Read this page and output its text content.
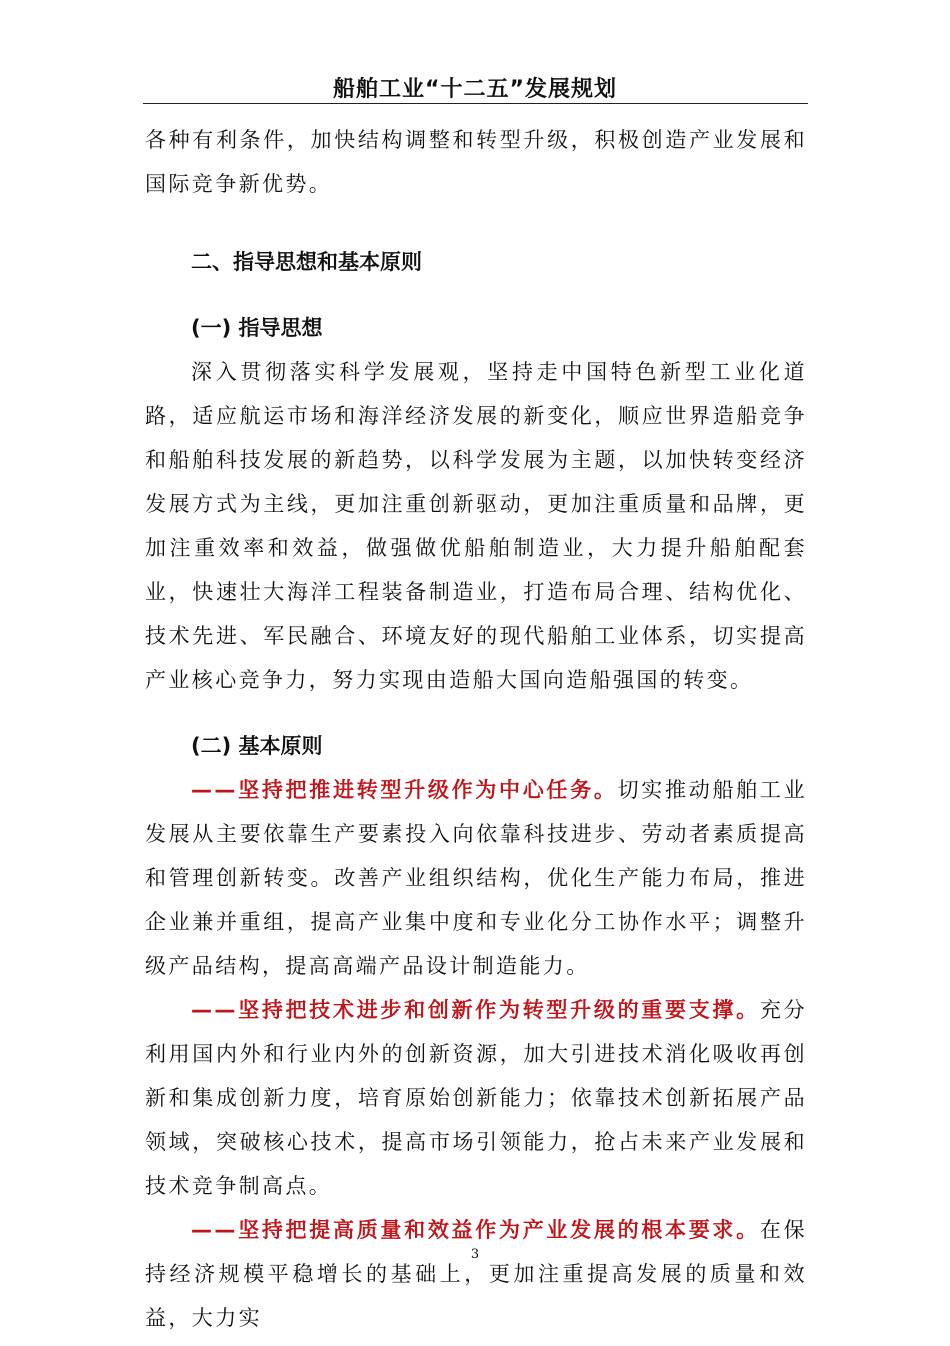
船舶工业“十二五”发展规划

各种有利条件，加快结构调整和转型升级，积极创造产业发展和国际竞争新优势。

二、指导思想和基本原则

(一) 指导思想

深入贯彻落实科学发展观，坚持走中国特色新型工业化道路，适应航运市场和海洋经济发展的新变化，顺应世界造船竞争和船舶科技发展的新趋势，以科学发展为主题，以加快转变经济发展方式为主线，更加注重创新驱动，更加注重质量和品牌，更加注重效率和效益，做强做优船舶制造业，大力提升船舶配套业，快速壮大海洋工程装备制造业，打造布局合理、结构优化、技术先进、军民融合、环境友好的现代船舶工业体系，切实提高产业核心竞争力，努力实现由造船大国向造船强国的转变。

(二) 基本原则

——坚持把推进转型升级作为中心任务。切实推动船舶工业发展从主要依靠生产要素投入向依靠科技进步、劳动者素质提高和管理创新转变。改善产业组织结构，优化生产能力布局，推进企业兼并重组，提高产业集中度和专业化分工协作水平；调整升级产品结构，提高高端产品设计制造能力。

——坚持把技术进步和创新作为转型升级的重要支撑。充分利用国内外和行业内外的创新资源，加大引进技术消化吸收再创新和集成创新力度，培育原始创新能力；依靠技术创新拓展产品领域，突破核心技术，提高市场引领能力，抢占未来产业发展和技术竞争制高点。

——坚持把提高质量和效益作为产业发展的根本要求。在保持经济规模平稳增长的基础上，更加注重提高发展的质量和效益，大力实

3
